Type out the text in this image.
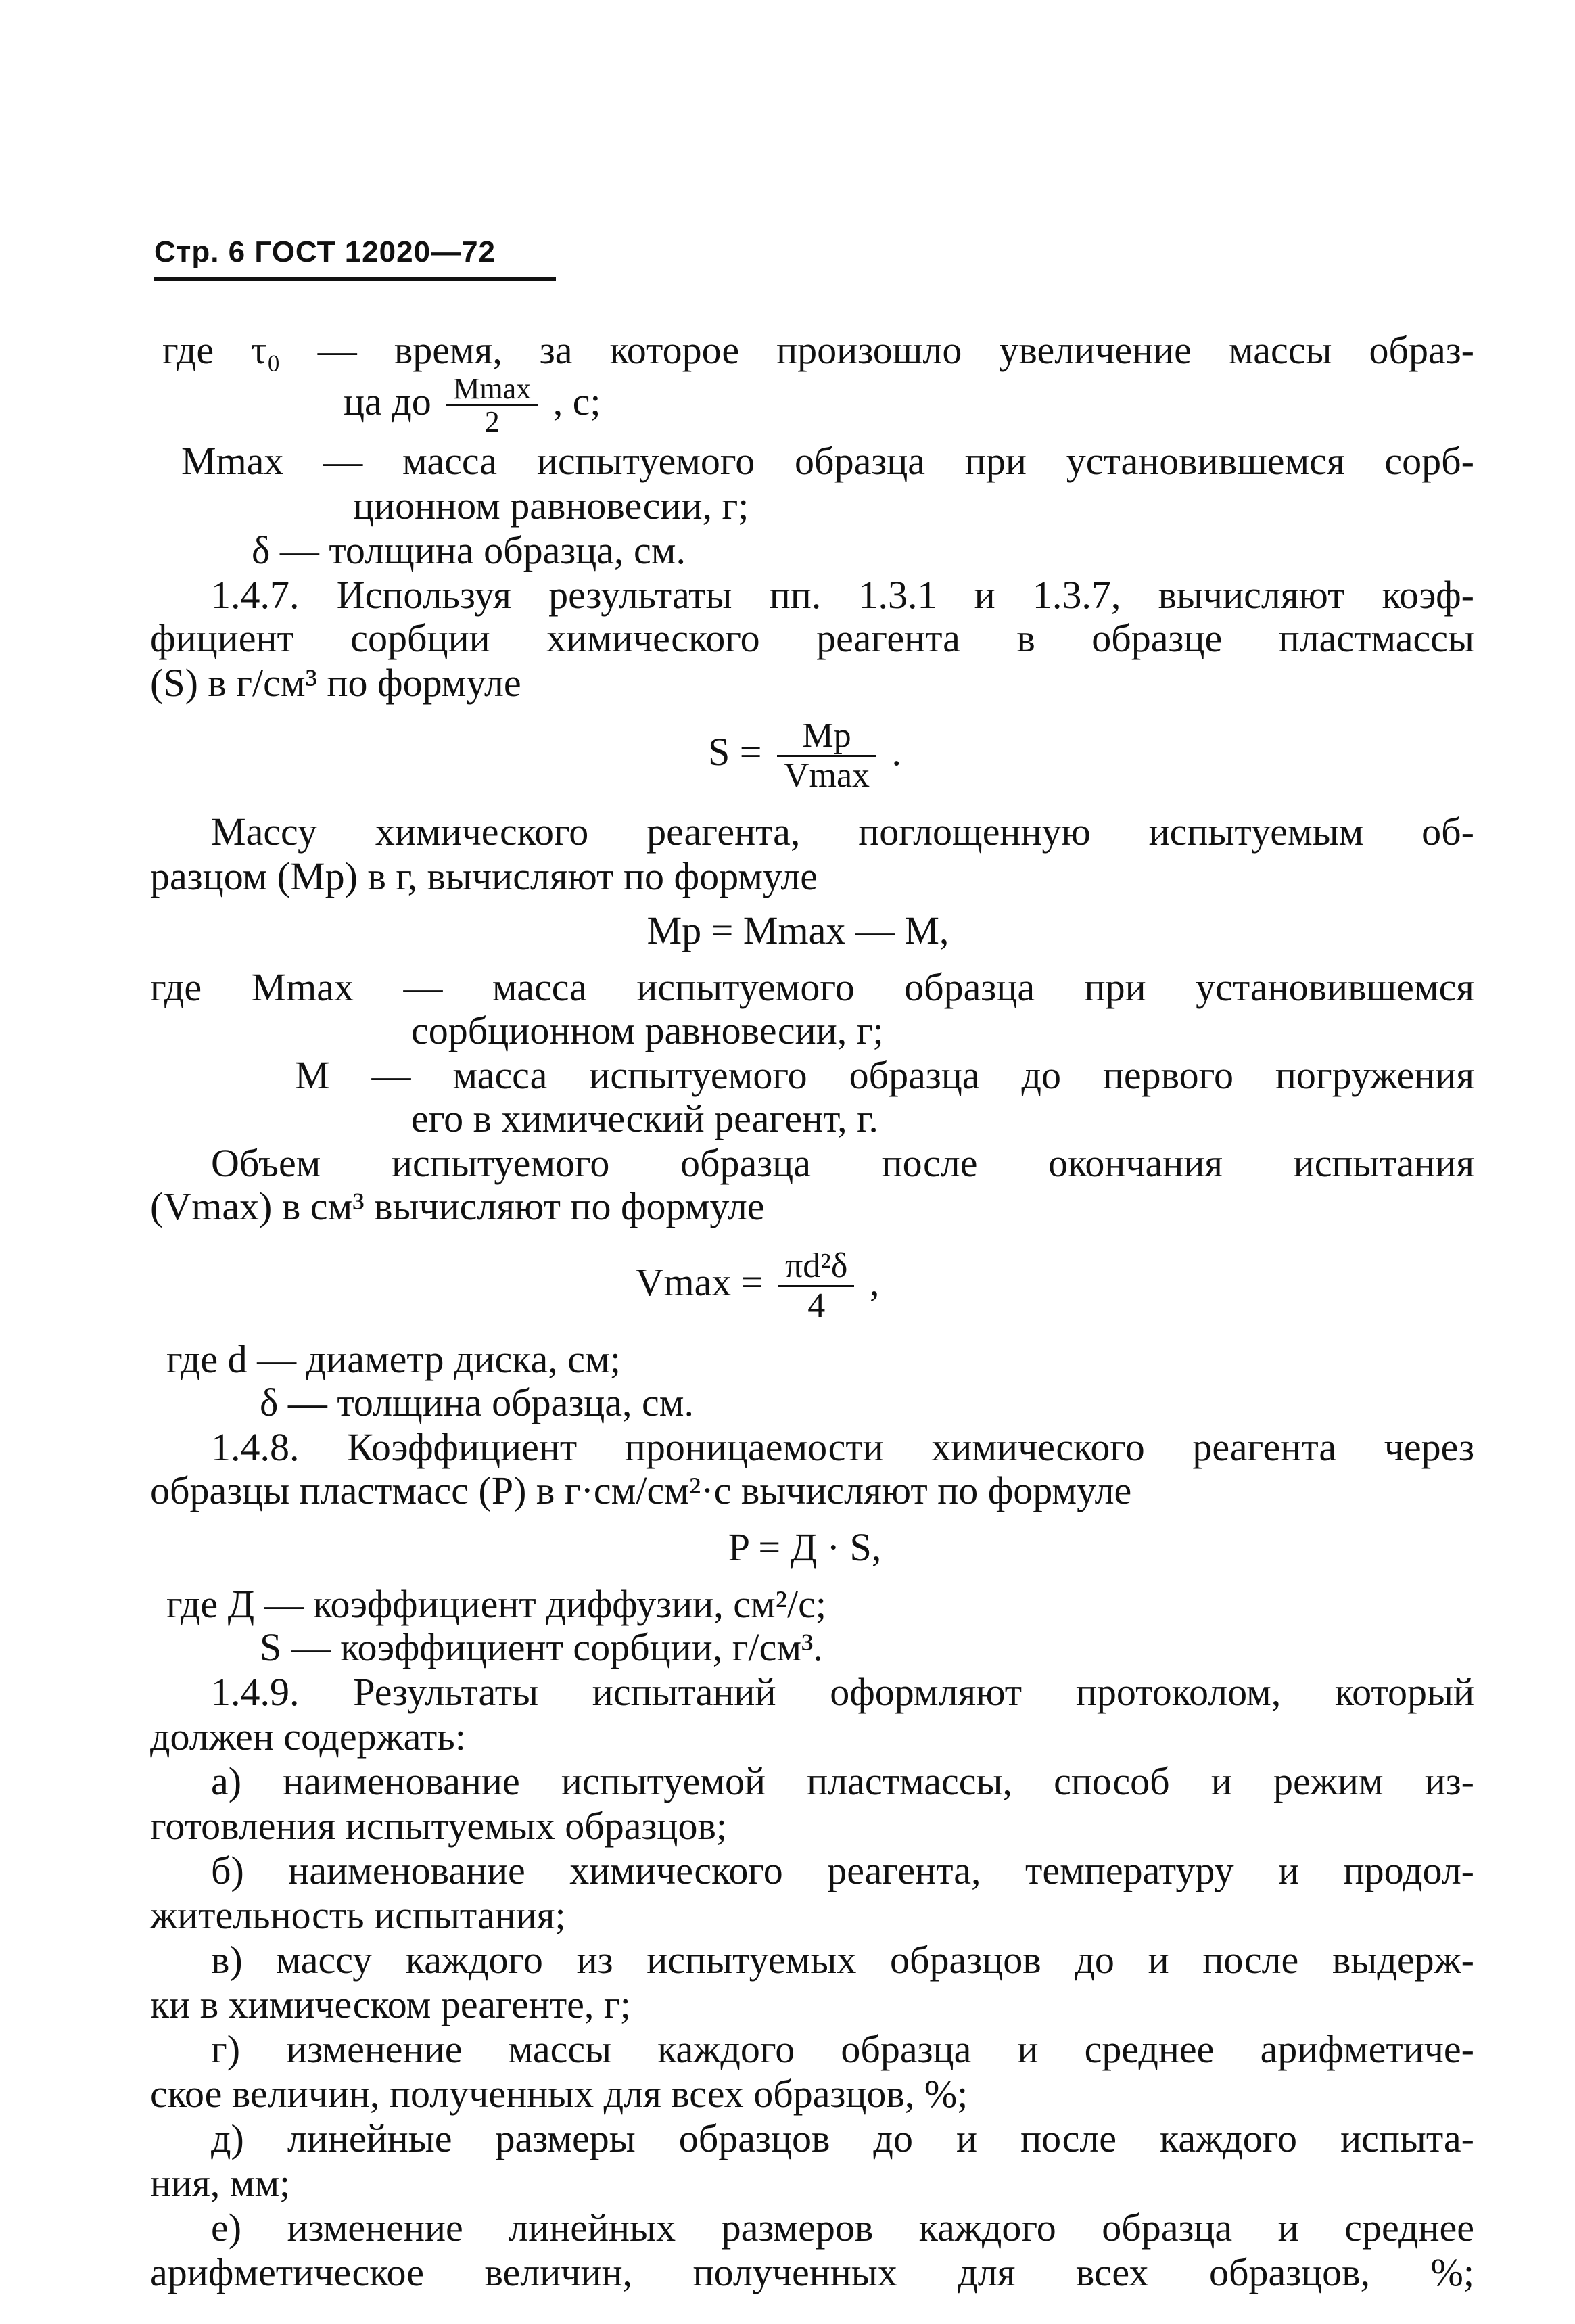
Стр. 6 ГОСТ 12020—72
где τ₀ — время, за которое произошло увеличение массы образ-
ца до $\frac{Mmax}{2}$ , с;
Mmax — масса испытуемого образца при установившемся сорб-
ционном равновесии, г;
δ — толщина образца, см.
1.4.7. Используя результаты пп. 1.3.1 и 1.3.7, вычисляют коэф-
фициент сорбции химического реагента в образце пластмассы
(S) в г/см³ по формуле
$S = \frac{Mp}{Vmax}$ .
Массу химического реагента, поглощенную испытуемым об-
разцом (Mp) в г, вычисляют по формуле
Mp = Mmax — M,
где Mmax — масса испытуемого образца при установившемся
сорбционном равновесии, г;
M — масса испытуемого образца до первого погружения
его в химический реагент, г.
Объем испытуемого образца после окончания испытания
(Vmax) в см³ вычисляют по формуле
$Vmax = \frac{\text{πd²δ}}{4}$ ,
где d — диаметр диска, см;
δ — толщина образца, см.
1.4.8. Коэффициент проницаемости химического реагента через
образцы пластмасс (P) в г·см/см²·с вычисляют по формуле
P = Д · S,
где Д — коэффициент диффузии, см²/с;
S — коэффициент сорбции, г/см³.
1.4.9. Результаты испытаний оформляют протоколом, который
должен содержать:
а) наименование испытуемой пластмассы, способ и режим из-
готовления испытуемых образцов;
б) наименование химического реагента, температуру и продол-
жительность испытания;
в) массу каждого из испытуемых образцов до и после выдерж-
ки в химическом реагенте, г;
г) изменение массы каждого образца и среднее арифметиче-
ское величин, полученных для всех образцов, %;
д) линейные размеры образцов до и после каждого испыта-
ния, мм;
е) изменение линейных размеров каждого образца и среднее
арифметическое величин, полученных для всех образцов, %;
